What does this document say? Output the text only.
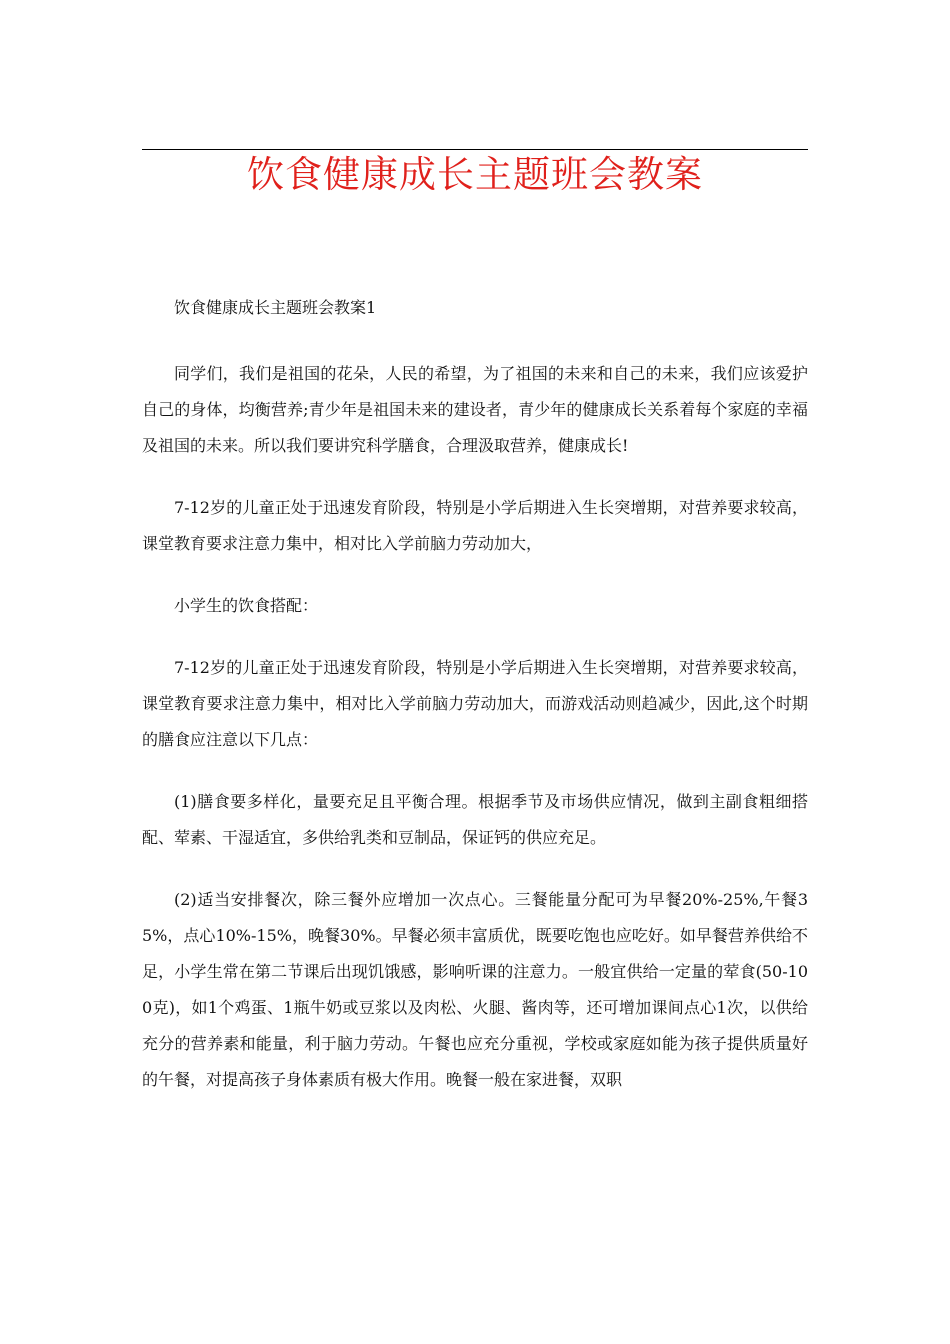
饮食健康成长主题班会教案

饮食健康成长主题班会教案1

同学们，我们是祖国的花朵，人民的希望，为了祖国的未来和自己的未来，我们应该爱护自己的身体，均衡营养;青少年是祖国未来的建设者，青少年的健康成长关系着每个家庭的幸福及祖国的未来。所以我们要讲究科学膳食，合理汲取营养，健康成长!

7-12岁的儿童正处于迅速发育阶段，特别是小学后期进入生长突增期，对营养要求较高，课堂教育要求注意力集中，相对比入学前脑力劳动加大，

小学生的饮食搭配：

7-12岁的儿童正处于迅速发育阶段，特别是小学后期进入生长突增期，对营养要求较高，课堂教育要求注意力集中，相对比入学前脑力劳动加大，而游戏活动则趋减少，因此,这个时期的膳食应注意以下几点：

(1)膳食要多样化，量要充足且平衡合理。根据季节及市场供应情况，做到主副食粗细搭配、荤素、干湿适宜，多供给乳类和豆制品，保证钙的供应充足。

(2)适当安排餐次，除三餐外应增加一次点心。三餐能量分配可为早餐20%-25%,午餐35%，点心10%-15%，晚餐30%。早餐必须丰富质优，既要吃饱也应吃好。如早餐营养供给不足，小学生常在第二节课后出现饥饿感，影响听课的注意力。一般宜供给一定量的荤食(50-100克)，如1个鸡蛋、1瓶牛奶或豆浆以及肉松、火腿、酱肉等，还可增加课间点心1次，以供给充分的营养素和能量，利于脑力劳动。午餐也应充分重视，学校或家庭如能为孩子提供质量好的午餐，对提高孩子身体素质有极大作用。晚餐一般在家进餐，双职
